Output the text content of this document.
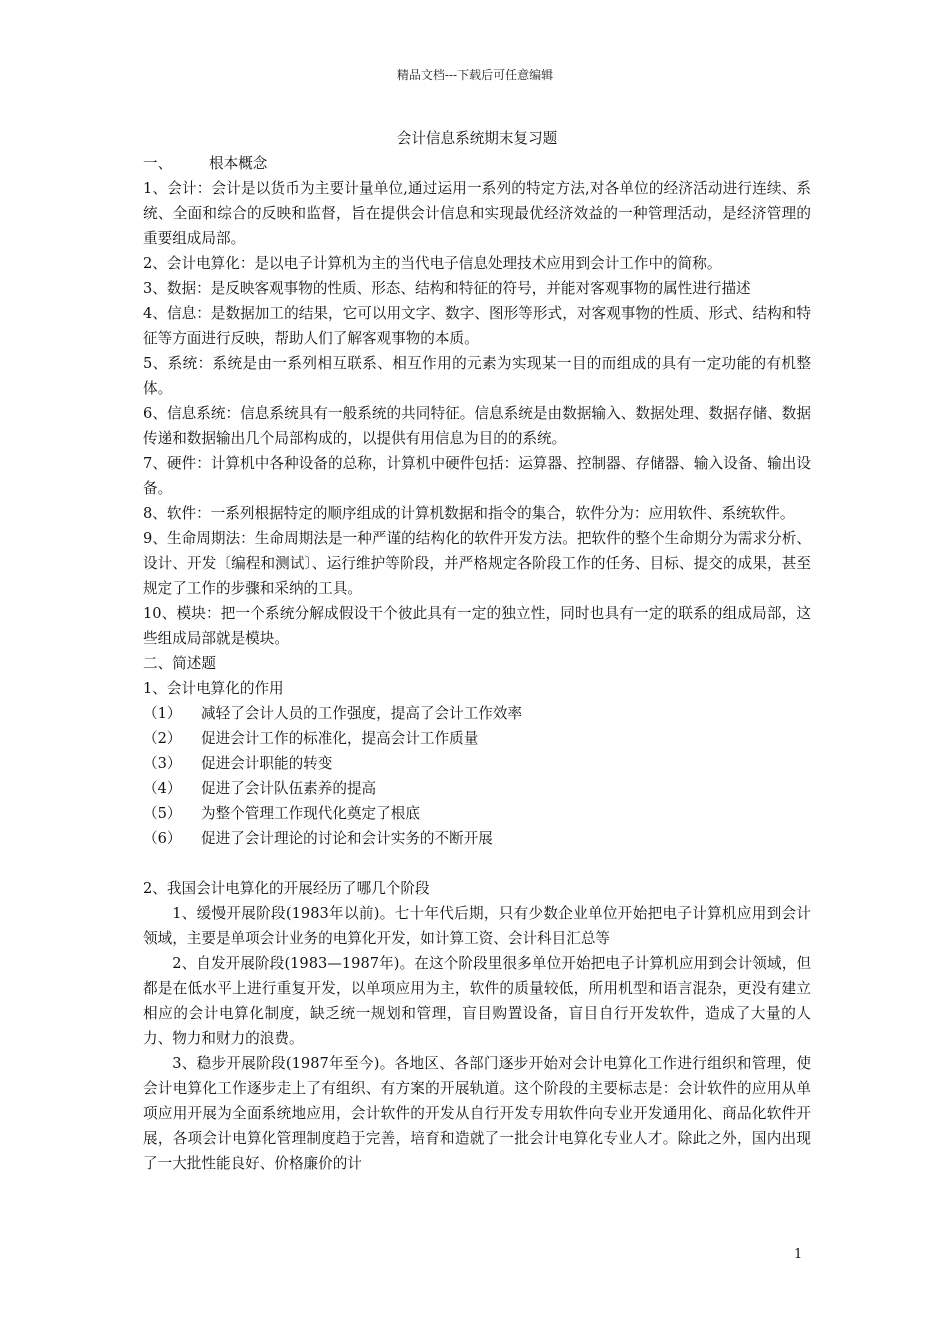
精品文档---下载后可任意编辑

会计信息系统期末复习题

一、	根本概念

1、会计：会计是以货币为主要计量单位,通过运用一系列的特定方法,对各单位的经济活动进行连续、系统、全面和综合的反映和监督，旨在提供会计信息和实现最优经济效益的一种管理活动，是经济管理的重要组成局部。

2、会计电算化：是以电子计算机为主的当代电子信息处理技术应用到会计工作中的简称。

3、数据：是反映客观事物的性质、形态、结构和特征的符号，并能对客观事物的属性进行描述

4、信息：是数据加工的结果，它可以用文字、数字、图形等形式，对客观事物的性质、形式、结构和特征等方面进行反映，帮助人们了解客观事物的本质。

5、系统：系统是由一系列相互联系、相互作用的元素为实现某一目的而组成的具有一定功能的有机整体。

6、信息系统：信息系统具有一般系统的共同特征。信息系统是由数据输入、数据处理、数据存储、数据传递和数据输出几个局部构成的，以提供有用信息为目的的系统。

7、硬件：计算机中各种设备的总称，计算机中硬件包括：运算器、控制器、存储器、输入设备、输出设备。

8、软件：一系列根据特定的顺序组成的计算机数据和指令的集合，软件分为：应用软件、系统软件。

9、生命周期法：生命周期法是一种严谨的结构化的软件开发方法。把软件的整个生命期分为需求分析、设计、开发〔编程和测试〕、运行维护等阶段，并严格规定各阶段工作的任务、目标、提交的成果，甚至规定了工作的步骤和采纳的工具。

10、模块：把一个系统分解成假设干个彼此具有一定的独立性，同时也具有一定的联系的组成局部，这些组成局部就是模块。

二、简述题

1、会计电算化的作用

（1） 减轻了会计人员的工作强度，提高了会计工作效率

（2） 促进会计工作的标准化，提高会计工作质量

（3） 促进会计职能的转变

（4） 促进了会计队伍素养的提高

（5） 为整个管理工作现代化奠定了根底

（6） 促进了会计理论的讨论和会计实务的不断开展

2、我国会计电算化的开展经历了哪几个阶段

1、缓慢开展阶段(1983年以前)。七十年代后期，只有少数企业单位开始把电子计算机应用到会计领域，主要是单项会计业务的电算化开发，如计算工资、会计科目汇总等

2、自发开展阶段(1983—1987年)。在这个阶段里很多单位开始把电子计算机应用到会计领域，但都是在低水平上进行重复开发，以单项应用为主，软件的质量较低，所用机型和语言混杂，更没有建立相应的会计电算化制度，缺乏统一规划和管理，盲目购置设备，盲目自行开发软件，造成了大量的人力、物力和财力的浪费。

3、稳步开展阶段(1987年至今)。各地区、各部门逐步开始对会计电算化工作进行组织和管理，使会计电算化工作逐步走上了有组织、有方案的开展轨道。这个阶段的主要标志是：会计软件的应用从单项应用开展为全面系统地应用，会计软件的开发从自行开发专用软件向专业开发通用化、商品化软件开展，各项会计电算化管理制度趋于完善，培育和造就了一批会计电算化专业人才。除此之外，国内出现了一大批性能良好、价格廉价的计

1
